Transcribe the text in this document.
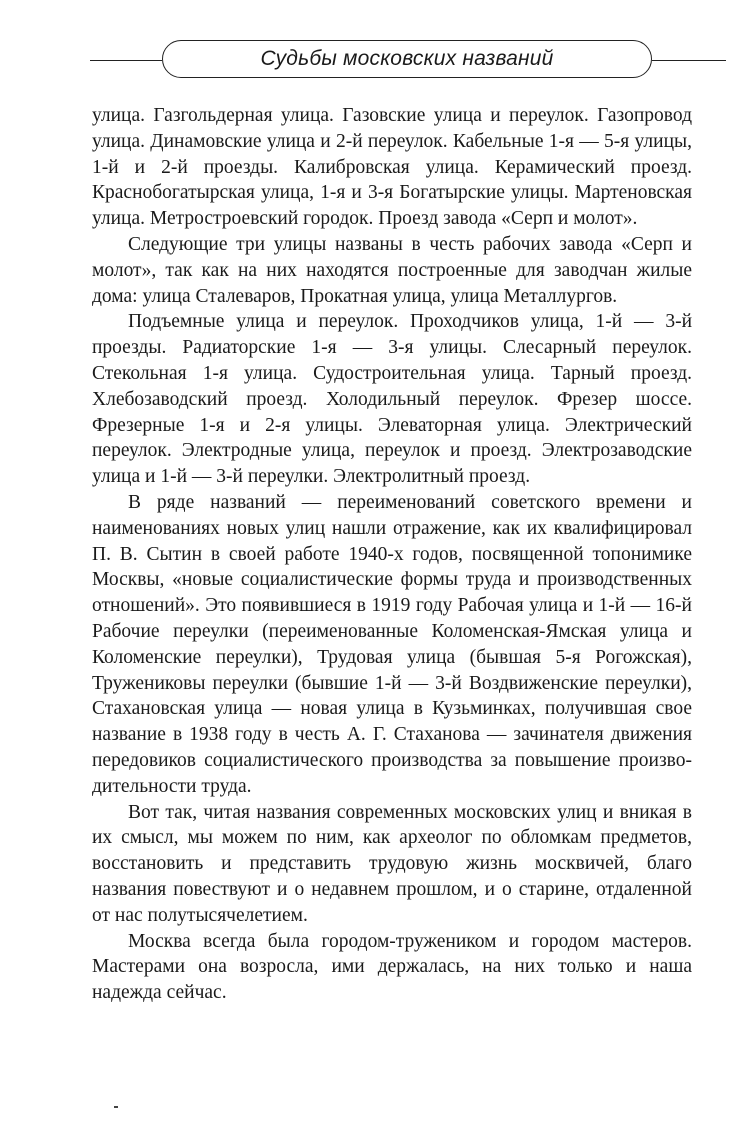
Судьбы московских названий

улица. Газгольдерная улица. Газовские улица и переулок. Газопровод улица. Динамовские улица и 2-й переулок. Кабельные 1-я — 5-я улицы, 1-й и 2-й проезды. Калибровская улица. Керамический проезд. Краснобогатырская улица, 1-я и 3-я Богатырские улицы. Мартеновская улица. Метростроевский городок. Проезд завода «Серп и молот».

Следующие три улицы названы в честь рабочих завода «Серп и молот», так как на них находятся построенные для заводчан жилые дома: улица Сталеваров, Прокатная улица, улица Металлургов.

Подъемные улица и переулок. Проходчиков улица, 1-й — 3-й проезды. Радиаторские 1-я — 3-я улицы. Слесарный переулок. Стекольная 1-я улица. Судостроительная улица. Тарный проезд. Хлебозаводский проезд. Холодильный переулок. Фрезер шоссе. Фрезерные 1-я и 2-я улицы. Элеваторная улица. Электрический переулок. Электродные улица, переулок и проезд. Электрозаводские улица и 1-й — 3-й переулки. Электролитный проезд.

В ряде названий — переименований советского времени и наименованиях новых улиц нашли отражение, как их квалифицировал П. В. Сытин в своей работе 1940-х годов, посвященной топонимике Москвы, «новые социалистические формы труда и производственных отношений». Это появившиеся в 1919 году Рабочая улица и 1-й — 16-й Рабочие переулки (переименованные Коломенская-Ямская улица и Коломенские переулки), Трудовая улица (бывшая 5-я Рогожская), Тружениковы переулки (бывшие 1-й — 3-й Воздвиженские переулки), Стахановская улица — новая улица в Кузьминках, получившая свое название в 1938 году в честь А. Г. Стаханова — зачинателя движения передовиков социалистического производства за повышение производительности труда.

Вот так, читая названия современных московских улиц и вникая в их смысл, мы можем по ним, как археолог по обломкам предметов, восстановить и представить трудовую жизнь москвичей, благо названия повествуют и о недавнем прошлом, и о старине, отдаленной от нас полутысячелетием.

Москва всегда была городом-тружеником и городом мастеров. Мастерами она возросла, ими держалась, на них только и наша надежда сейчас.
